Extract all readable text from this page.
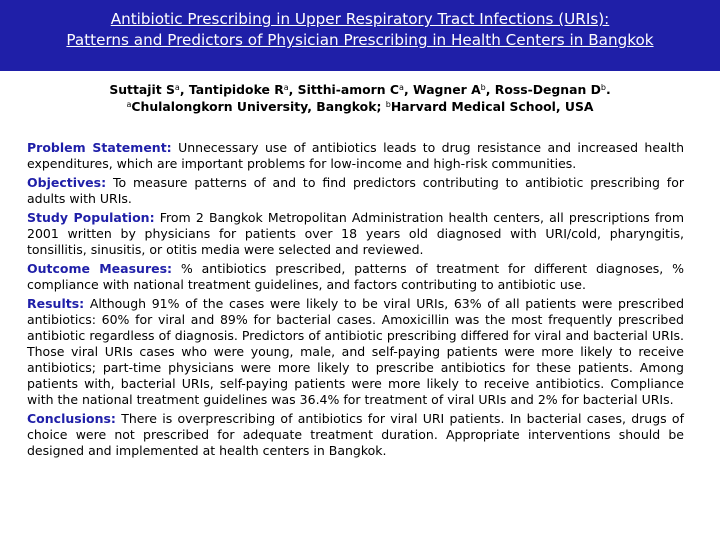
Antibiotic Prescribing in Upper Respiratory Tract Infections (URIs):
Patterns and Predictors of Physician Prescribing in Health Centers in Bangkok
Suttajit $S^a$, Tantipidoke $R^a$, Sitthi-amorn $C^a$, Wagner $A^b$, Ross-Degnan $D^b$.
$^a$Chulalongkorn University, Bangkok; $^b$Harvard Medical School, USA

Problem Statement: Unnecessary use of antibiotics leads to drug resistance and increased health expenditures, which are important problems for low-income and high-risk communities.

Objectives: To measure patterns of and to find predictors contributing to antibiotic prescribing for adults with URIs.

Study Population: From 2 Bangkok Metropolitan Administration health centers, all prescriptions from 2001 written by physicians for patients over 18 years old diagnosed with URI/cold, pharyngitis, tonsillitis, sinusitis, or otitis media were selected and reviewed.

Outcome Measures: % antibiotics prescribed, patterns of treatment for different diagnoses, % compliance with national treatment guidelines, and factors contributing to antibiotic use.

Results: Although 91% of the cases were likely to be viral URIs, 63% of all patients were prescribed antibiotics: 60% for viral and 89% for bacterial cases. Amoxicillin was the most frequently prescribed antibiotic regardless of diagnosis. Predictors of antibiotic prescribing differed for viral and bacterial URIs. Those viral URIs cases who were young, male, and self-paying patients were more likely to receive antibiotics; part-time physicians were more likely to prescribe antibiotics for these patients. Among patients with, bacterial URIs, self-paying patients were more likely to receive antibiotics. Compliance with the national treatment guidelines was 36.4% for treatment of viral URIs and 2% for bacterial URIs.

Conclusions: There is overprescribing of antibiotics for viral URI patients. In bacterial cases, drugs of choice were not prescribed for adequate treatment duration. Appropriate interventions should be designed and implemented at health centers in Bangkok.
